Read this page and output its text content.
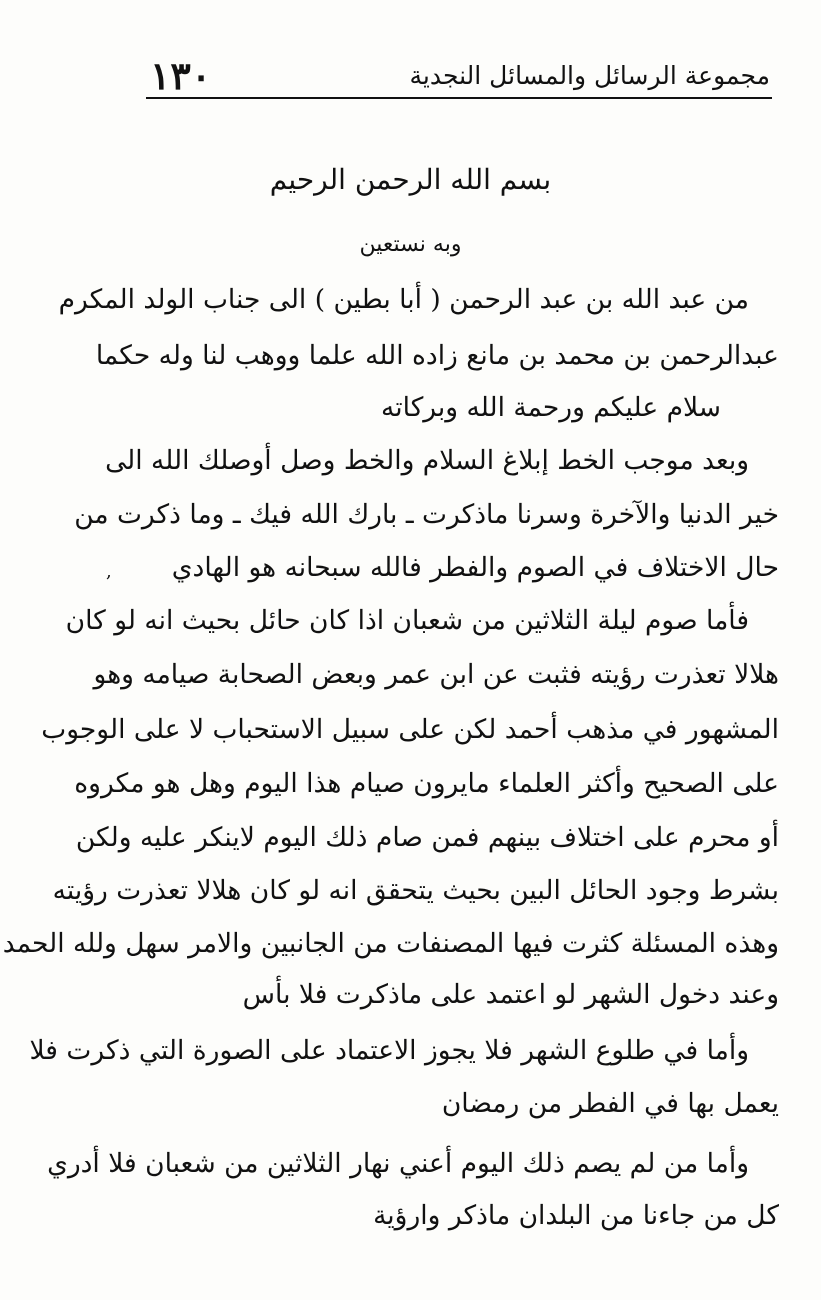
مجموعة الرسائل والمسائل النجدية
١٣٠
بسم الله الرحمن الرحيم
وبه نستعين
من عبد الله بن عبد الرحمن ( أبا بطين ) الى جناب الولد المكرم
عبدالرحمن بن محمد بن مانع زاده الله علما ووهب لنا وله حكما
سلام عليكم ورحمة الله وبركاته
وبعد موجب الخط إبلاغ السلام والخط وصل أوصلك الله الى
خير الدنيا والآخرة وسرنا ماذكرت ـ بارك الله فيك ـ وما ذكرت من
حال الاختلاف في الصوم والفطر فالله سبحانه هو الهادي
فأما صوم ليلة الثلاثين من شعبان اذا كان حائل بحيث انه لو كان
هلالا تعذرت رؤيته فثبت عن ابن عمر وبعض الصحابة صيامه وهو
المشهور في مذهب أحمد لكن على سبيل الاستحباب لا على الوجوب
على الصحيح وأكثر العلماء مايرون صيام هذا اليوم وهل هو مكروه
أو محرم على اختلاف بينهم فمن صام ذلك اليوم لاينكر عليه ولكن
بشرط وجود الحائل البين بحيث يتحقق انه لو كان هلالا تعذرت رؤيته
وهذه المسئلة كثرت فيها المصنفات من الجانبين والامر سهل ولله الحمد
وعند دخول الشهر لو اعتمد على ماذكرت فلا بأس
وأما في طلوع الشهر فلا يجوز الاعتماد على الصورة التي ذكرت فلا
يعمل بها في الفطر من رمضان
وأما من لم يصم ذلك اليوم أعني نهار الثلاثين من شعبان فلا أدري
كل من جاءنا من البلدان ماذكر وارؤية
,
